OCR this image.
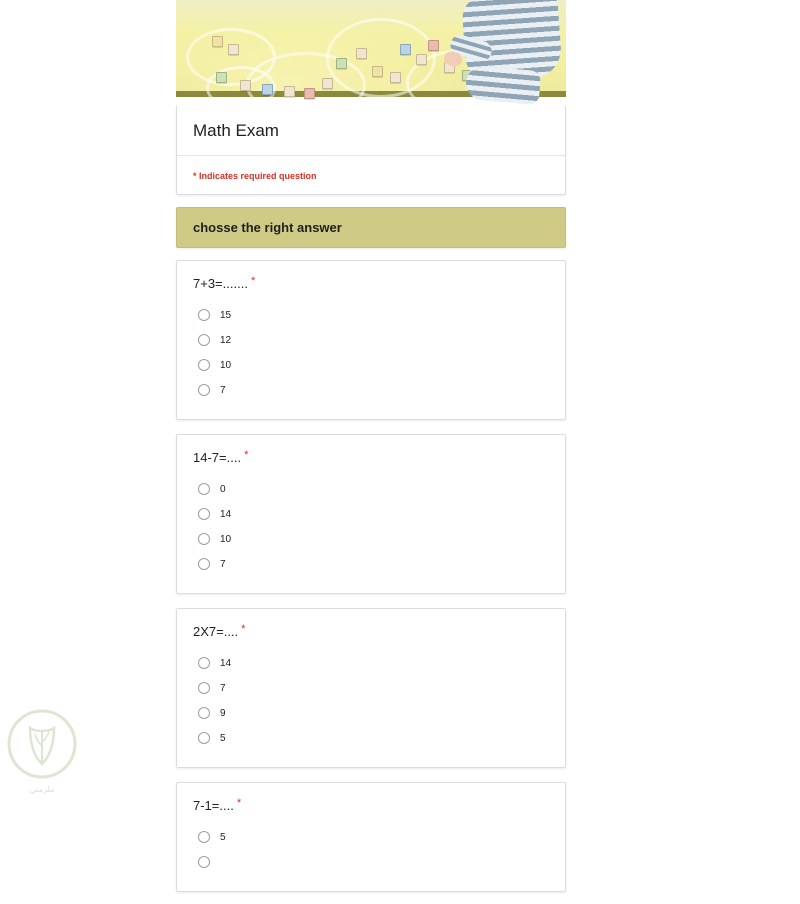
Math Exam
* Indicates required question
chosse the right answer
7+3=....... *
15
12
10
7
14-7=.... *
0
14
10
7
2X7=.... *
14
7
9
5
7-1=.... *
5
ملزمتي
